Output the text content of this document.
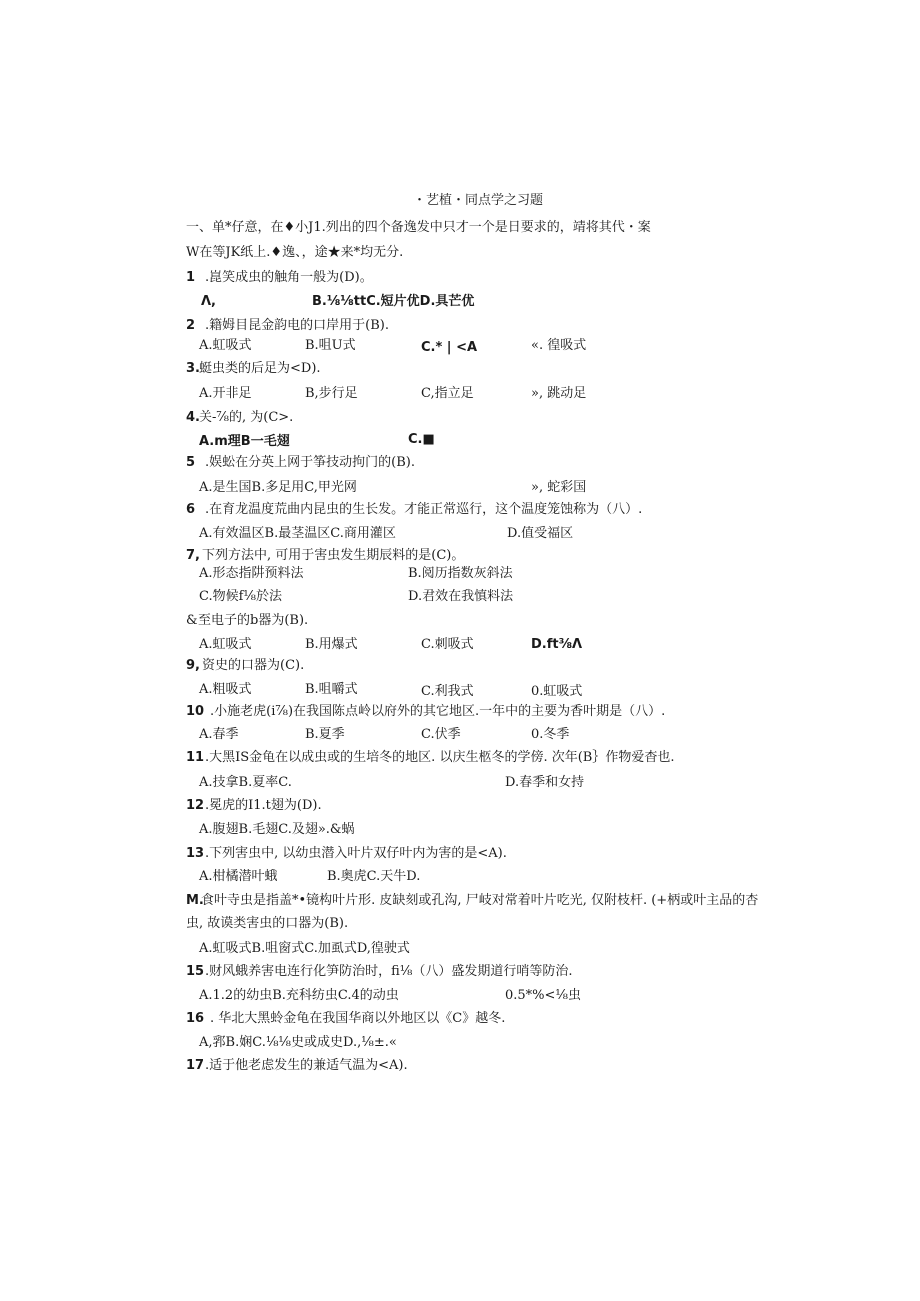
・艺植・同点学之习题
一、单*仔意，在♦小J1.列出的四个备逸发中只才一个是日要求的，靖将其代・案
W在等JK纸上.♦逸、，途★来*均无分.
1 .崑笑成虫的触角一般为(D)。
Λ,	B.⅛⅛ttC.短片优D.具芒优
2 .籍姆目昆金韵电的口岸用于(B).
A.虹吸式	B.咀U式	C.* | <A	«. 徨吸式
3. 蜓虫类的后足为<D).
A.开非足	B,步行足	C,指立足	», 跳动足
4. 关-⅞的, 为(C>.
A.m理B一毛翅	C.■
5 .娱蚣在分英上网于筝技动拘门的(B).
A.是生国B.多足用C,甲光网	», 蛇彩国
6 .在育龙温度荒曲内昆虫的生长发。才能正常巡行，这个温度笼蚀称为（八）.
A.有效温区B.最茎温区C.商用灌区	D.值受福区
7, 下列方法中, 可用于害虫发生期辰料的是(C)。
A.形态指阱预料法	B.阅历指数灰斜法
C.物候f⅛於法	D.君效在我慎料法
& 至电子的b器为(B).
A.虹吸式	B.用爆式	C.刺吸式	D.ft⅜Λ
9, 资史的口器为(C).
A.粗吸式	B.咀嚼式	C.利我式	0.虹吸式
10 .小施老虎(i⅞)在我国陈点岭以府外的其它地区.一年中的主要为香叶期是（八）.
A.春季	B.夏季	C.伏季	0.冬季
11 .大黑IS金龟在以成虫或的生培冬的地区. 以庆生柩冬的学傍. 次年(B｝作物爱杳也.
A.技拿B.夏率C.	D.春季和女持
12 .冕虎的I1.t翅为(D).
A.腹翅B.毛翅C.及翅».&蜗
13 .下列害虫中, 以幼虫潜入叶片双仔叶内为害的是<A).
A.柑橘潜叶蛾	B.奥虎C.天牛D.
M.
食叶寺虫是指盖*•镜构叶片形. 皮缺刻或孔沟, 尸岐对常着叶片吃光, 仅附枝杆. (+柄或叶主品的杏
虫, 故谟类害虫的口器为(B).
A.虹吸式B.咀窗式C.加虱式D,徨驶式
15 .财风蛾养害电连行化笋防治时，fi⅛（八）盛发期道行哨等防治.
A.1.2的幼虫B.充科纺虫C.4的动虫	0.5*%<⅛虫
16 . 华北大黑蛉金龟在我国华商以外地区以《C》越冬.
A,郛B.娴C.⅛⅛史或成史D.,⅛±.«
17 .适于他老虑发生的兼适气温为<A).
